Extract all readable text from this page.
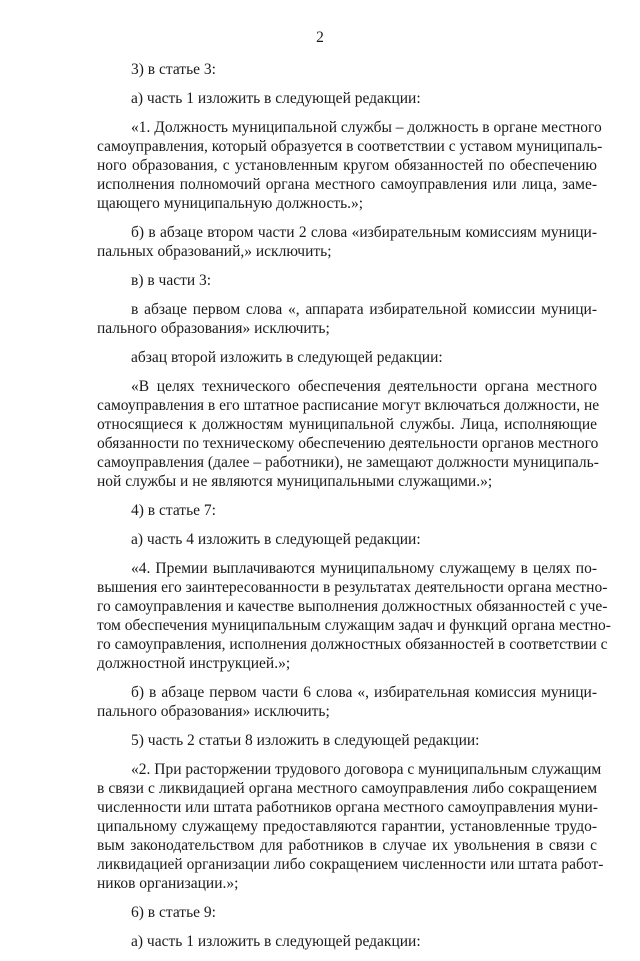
2
3) в статье 3:
а) часть 1 изложить в следующей редакции:
«1. Должность муниципальной службы – должность в органе местного
самоуправления, который образуется в соответствии с уставом муниципаль-
ного образования, с установленным кругом обязанностей по обеспечению
исполнения полномочий органа местного самоуправления или лица, заме-
щающего муниципальную должность.»;
б) в абзаце втором части 2 слова «избирательным комиссиям муници-
пальных образований,» исключить;
в) в части 3:
в абзаце первом слова «, аппарата избирательной комиссии муници-
пального образования» исключить;
абзац второй изложить в следующей редакции:
«В целях технического обеспечения деятельности органа местного
самоуправления в его штатное расписание могут включаться должности, не
относящиеся к должностям муниципальной службы. Лица, исполняющие
обязанности по техническому обеспечению деятельности органов местного
самоуправления (далее – работники), не замещают должности муниципаль-
ной службы и не являются муниципальными служащими.»;
4) в статье 7:
а) часть 4 изложить в следующей редакции:
«4. Премии выплачиваются муниципальному служащему в целях по-
вышения его заинтересованности в результатах деятельности органа местно-
го самоуправления и качестве выполнения должностных обязанностей с уче-
том обеспечения муниципальным служащим задач и функций органа местно-
го самоуправления, исполнения должностных обязанностей в соответствии с
должностной инструкцией.»;
б) в абзаце первом части 6 слова «, избирательная комиссия муници-
пального образования» исключить;
5) часть 2 статьи 8 изложить в следующей редакции:
«2. При расторжении трудового договора с муниципальным служащим
в связи с ликвидацией органа местного самоуправления либо сокращением
численности или штата работников органа местного самоуправления муни-
ципальному служащему предоставляются гарантии, установленные трудо-
вым законодательством для работников в случае их увольнения в связи с
ликвидацией организации либо сокращением численности или штата работ-
ников организации.»;
6) в статье 9:
а) часть 1 изложить в следующей редакции:
